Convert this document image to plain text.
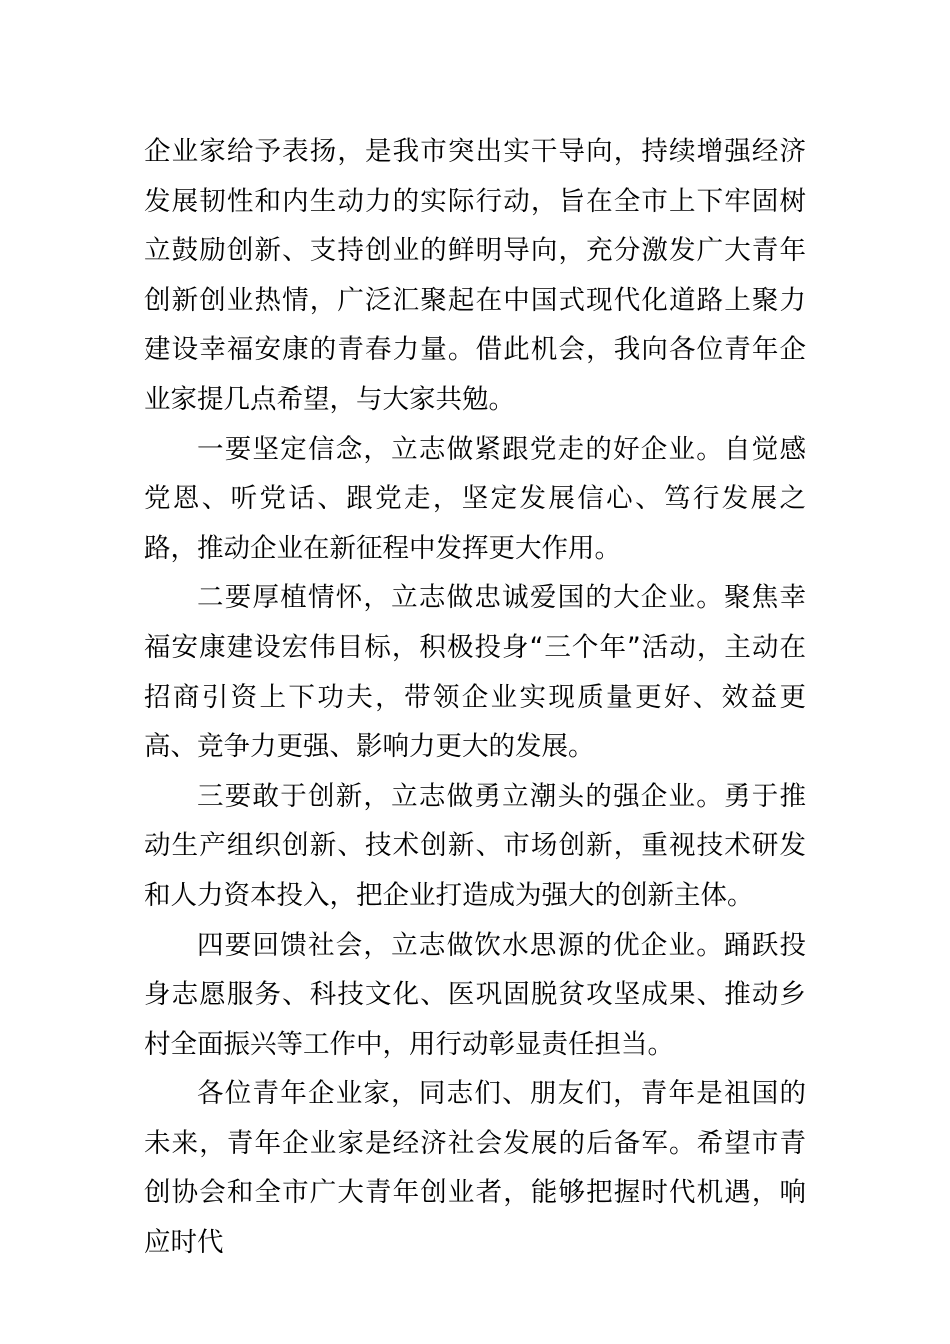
企业家给予表扬，是我市突出实干导向，持续增强经济发展韧性和内生动力的实际行动，旨在全市上下牢固树立鼓励创新、支持创业的鲜明导向，充分激发广大青年创新创业热情，广泛汇聚起在中国式现代化道路上聚力建设幸福安康的青春力量。借此机会，我向各位青年企业家提几点希望，与大家共勉。

一要坚定信念，立志做紧跟党走的好企业。自觉感党恩、听党话、跟党走，坚定发展信心、笃行发展之路，推动企业在新征程中发挥更大作用。

二要厚植情怀，立志做忠诚爱国的大企业。聚焦幸福安康建设宏伟目标，积极投身“三个年”活动，主动在招商引资上下功夫，带领企业实现质量更好、效益更高、竞争力更强、影响力更大的发展。

三要敢于创新，立志做勇立潮头的强企业。勇于推动生产组织创新、技术创新、市场创新，重视技术研发和人力资本投入，把企业打造成为强大的创新主体。

四要回馈社会，立志做饮水思源的优企业。踊跃投身志愿服务、科技文化、医巩固脱贫攻坚成果、推动乡村全面振兴等工作中，用行动彰显责任担当。

各位青年企业家，同志们、朋友们，青年是祖国的未来，青年企业家是经济社会发展的后备军。希望市青创协会和全市广大青年创业者，能够把握时代机遇，响应时代
